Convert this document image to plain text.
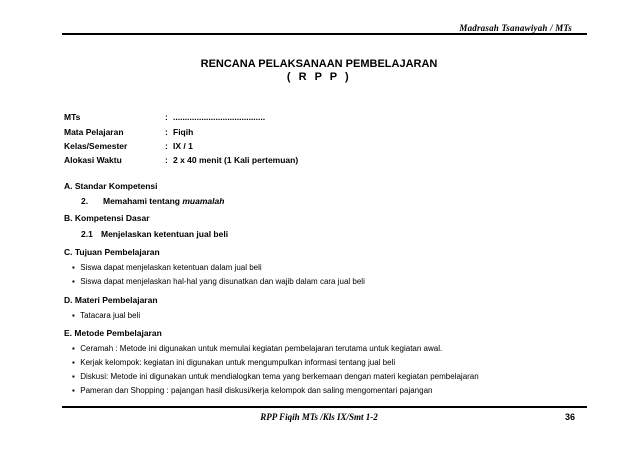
Madrasah Tsanawiyah / MTs
RENCANA PELAKSANAAN PEMBELAJARAN
( R P P )
MTs	: .......................................
Mata Pelajaran	: Fiqih
Kelas/Semester	: IX / 1
Alokasi Waktu	: 2 x 40 menit (1 Kali pertemuan)
A. Standar Kompetensi
2. Memahami tentang muamalah
B. Kompetensi Dasar
2.1 Menjelaskan ketentuan jual beli
C. Tujuan Pembelajaran
▪ Siswa dapat menjelaskan ketentuan dalam jual beli
▪ Siswa dapat menjelaskan hal-hal yang disunatkan dan wajib dalam cara jual beli
D. Materi Pembelajaran
▪ Tatacara jual beli
E. Metode Pembelajaran
▪ Ceramah : Metode ini digunakan untuk memulai kegiatan pembelajaran terutama untuk kegiatan awal.
▪ Kerjak kelompok: kegiatan ini digunakan untuk mengumpulkan informasi tentang jual beli
▪ Diskusi: Metode ini digunakan untuk mendialogkan tema yang berkemaan dengan materi kegiatan pembelajaran
▪ Pameran dan Shopping : pajangan hasil diskusi/kerja kelompok dan saling mengomentari pajangan
RPP Fiqih MTs /Kls IX/Smt 1-2	36
